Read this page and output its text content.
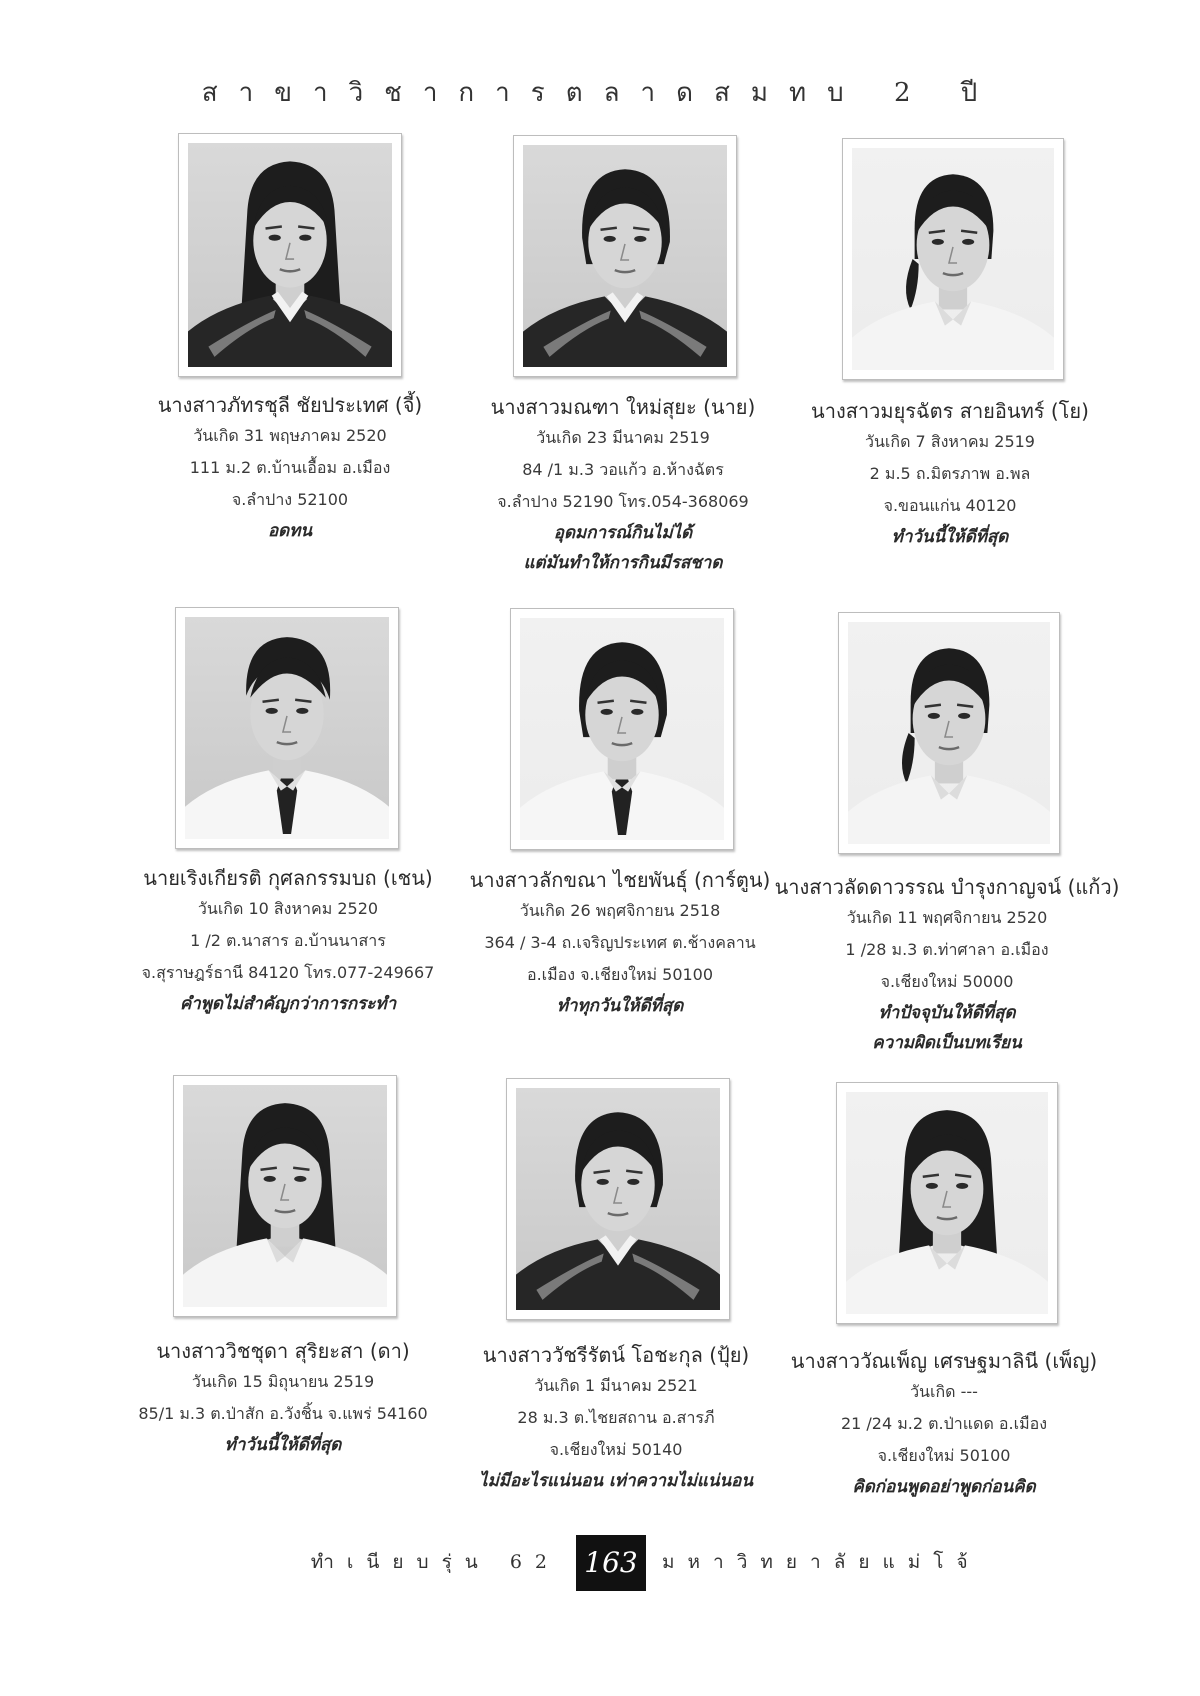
สาขาวิชาการตลาดสมทบ 2 ปี
นางสาวภัทรชุลี ชัยประเทศ (จี้)
วันเกิด 31 พฤษภาคม 2520
111 ม.2 ต.บ้านเอื้อม อ.เมือง
จ.ลำปาง 52100
อดทน
นางสาวมณฑา ใหม่สุยะ (นาย)
วันเกิด 23 มีนาคม 2519
84 /1 ม.3 วอแก้ว อ.ห้างฉัตร
จ.ลำปาง 52190 โทร.054-368069
อุดมการณ์กินไม่ได้
แต่มันทำให้การกินมีรสชาด
นางสาวมยุรฉัตร สายอินทร์ (โย)
วันเกิด 7 สิงหาคม 2519
2 ม.5 ถ.มิตรภาพ อ.พล
จ.ขอนแก่น 40120
ทำวันนี้ให้ดีที่สุด
นายเริงเกียรติ กุศลกรรมบถ (เชน)
วันเกิด 10 สิงหาคม 2520
1 /2 ต.นาสาร อ.บ้านนาสาร
จ.สุราษฎร์ธานี 84120 โทร.077-249667
คำพูดไม่สำคัญกว่าการกระทำ
นางสาวลักขณา ไชยพันธุ์ (การ์ตูน)
วันเกิด 26 พฤศจิกายน 2518
364 / 3-4 ถ.เจริญประเทศ ต.ช้างคลาน
อ.เมือง จ.เชียงใหม่ 50100
ทำทุกวันให้ดีที่สุด
นางสาวลัดดาวรรณ บำรุงกาญจน์ (แก้ว)
วันเกิด 11 พฤศจิกายน 2520
1 /28 ม.3 ต.ท่าศาลา อ.เมือง
จ.เชียงใหม่ 50000
ทำปัจจุบันให้ดีที่สุด
ความผิดเป็นบทเรียน
นางสาววิชชุดา สุริยะสา (ดา)
วันเกิด 15 มิถุนายน 2519
85/1 ม.3 ต.ป่าสัก อ.วังชิ้น จ.แพร่ 54160
ทำวันนี้ให้ดีที่สุด
นางสาววัชรีรัตน์ โอชะกุล (ปุ้ย)
วันเกิด 1 มีนาคม 2521
28 ม.3 ต.ไชยสถาน อ.สารภี
จ.เชียงใหม่ 50140
ไม่มีอะไรแน่นอน เท่าความไม่แน่นอน
นางสาววัณเพ็ญ เศรษฐมาลินี (เพ็ญ)
วันเกิด ---
21 /24 ม.2 ต.ป่าแดด อ.เมือง
จ.เชียงใหม่ 50100
คิดก่อนพูดอย่าพูดก่อนคิด
ทำเนียบรุ่น 62 163	มหาวิทยาลัยแม่โจ้
